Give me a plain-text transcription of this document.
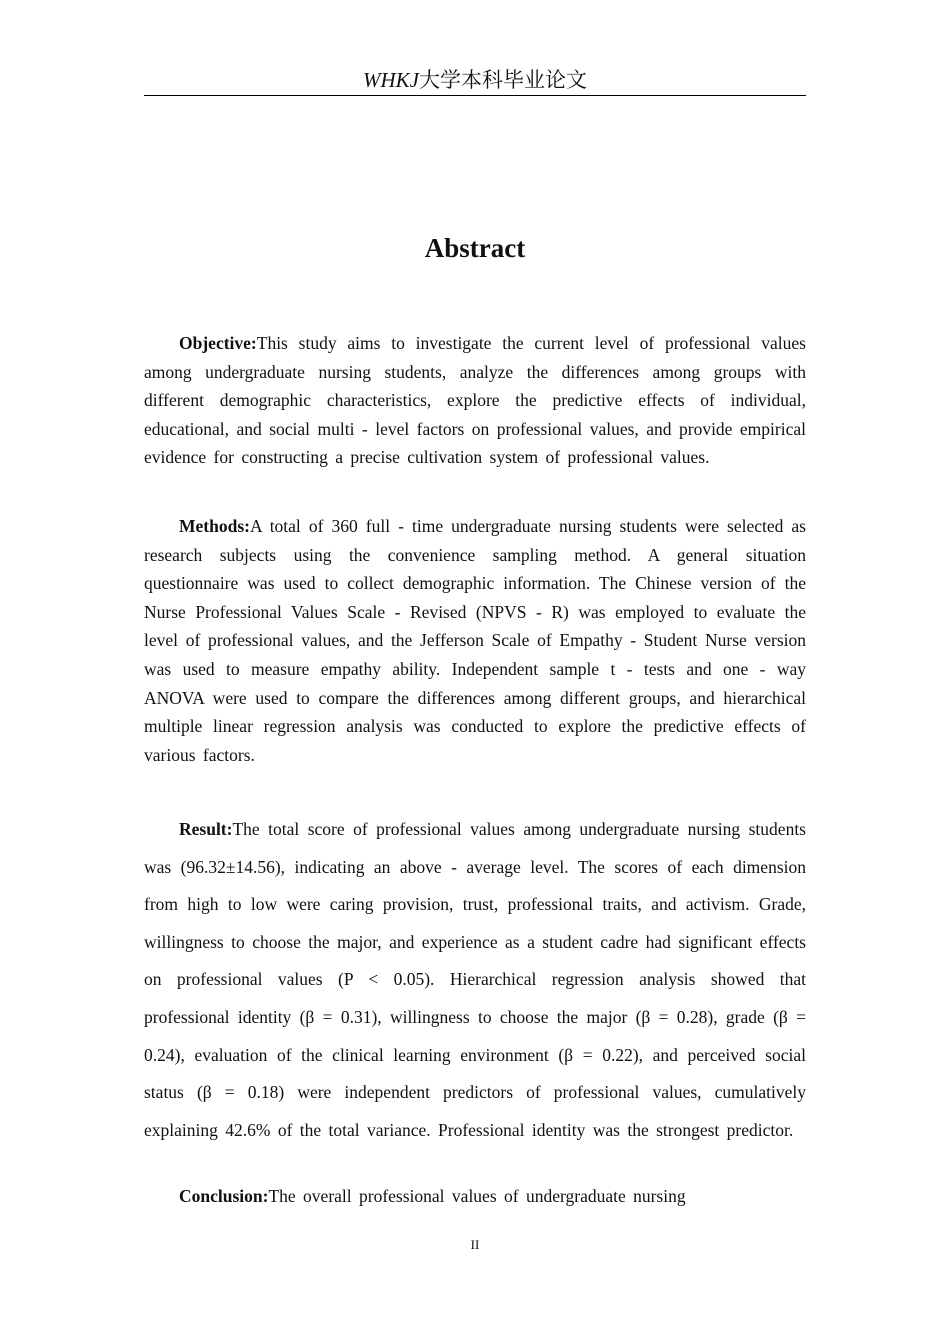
WHKJ大学本科毕业论文
Abstract

Objective:This study aims to investigate the current level of professional values among undergraduate nursing students, analyze the differences among groups with different demographic characteristics, explore the predictive effects of individual, educational, and social multi - level factors on professional values, and provide empirical evidence for constructing a precise cultivation system of professional values.

Methods:A total of 360 full - time undergraduate nursing students were selected as research subjects using the convenience sampling method. A general situation questionnaire was used to collect demographic information. The Chinese version of the Nurse Professional Values Scale - Revised (NPVS - R) was employed to evaluate the level of professional values, and the Jefferson Scale of Empathy - Student Nurse version was used to measure empathy ability. Independent sample t - tests and one - way ANOVA were used to compare the differences among different groups, and hierarchical multiple linear regression analysis was conducted to explore the predictive effects of various factors.

Result:The total score of professional values among undergraduate nursing students was (96.32±14.56), indicating an above - average level. The scores of each dimension from high to low were caring provision, trust, professional traits, and activism. Grade, willingness to choose the major, and experience as a student cadre had significant effects on professional values (P < 0.05). Hierarchical regression analysis showed that professional identity (β = 0.31), willingness to choose the major (β = 0.28), grade (β = 0.24), evaluation of the clinical learning environment (β = 0.22), and perceived social status (β = 0.18) were independent predictors of professional values, cumulatively explaining 42.6% of the total variance. Professional identity was the strongest predictor.

Conclusion:The overall professional values of undergraduate nursing

II
